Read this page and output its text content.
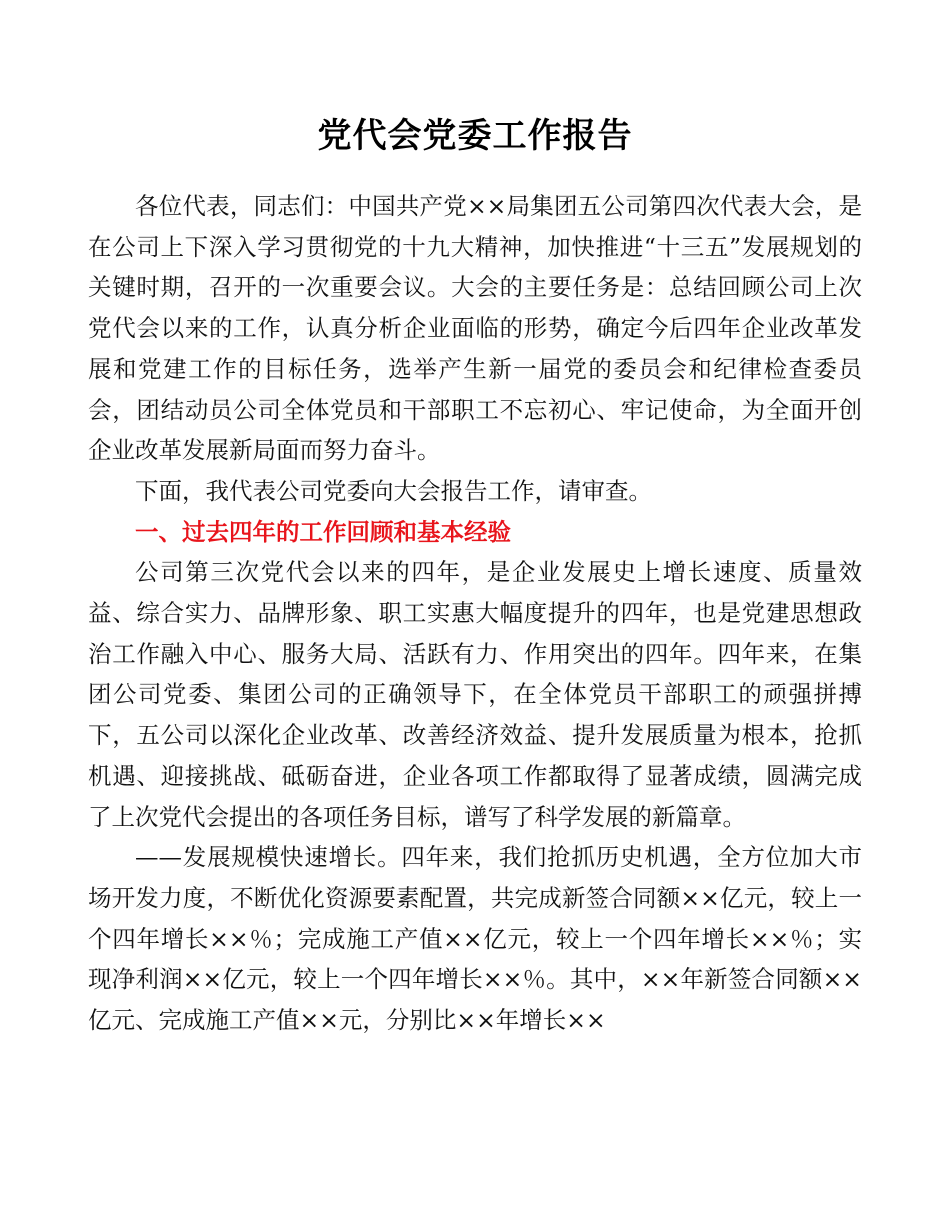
党代会党委工作报告

各位代表，同志们：中国共产党××局集团五公司第四次代表大会，是在公司上下深入学习贯彻党的十九大精神，加快推进“十三五”发展规划的关键时期，召开的一次重要会议。大会的主要任务是：总结回顾公司上次党代会以来的工作，认真分析企业面临的形势，确定今后四年企业改革发展和党建工作的目标任务，选举产生新一届党的委员会和纪律检查委员会，团结动员公司全体党员和干部职工不忘初心、牢记使命，为全面开创企业改革发展新局面而努力奋斗。

下面，我代表公司党委向大会报告工作，请审查。

一、过去四年的工作回顾和基本经验

公司第三次党代会以来的四年，是企业发展史上增长速度、质量效益、综合实力、品牌形象、职工实惠大幅度提升的四年，也是党建思想政治工作融入中心、服务大局、活跃有力、作用突出的四年。四年来，在集团公司党委、集团公司的正确领导下，在全体党员干部职工的顽强拼搏下，五公司以深化企业改革、改善经济效益、提升发展质量为根本，抢抓机遇、迎接挑战、砥砺奋进，企业各项工作都取得了显著成绩，圆满完成了上次党代会提出的各项任务目标，谱写了科学发展的新篇章。

——发展规模快速增长。四年来，我们抢抓历史机遇，全方位加大市场开发力度，不断优化资源要素配置，共完成新签合同额××亿元，较上一个四年增长××％；完成施工产值××亿元，较上一个四年增长××％；实现净利润××亿元，较上一个四年增长××％。其中，××年新签合同额××亿元、完成施工产值××元，分别比××年增长××
